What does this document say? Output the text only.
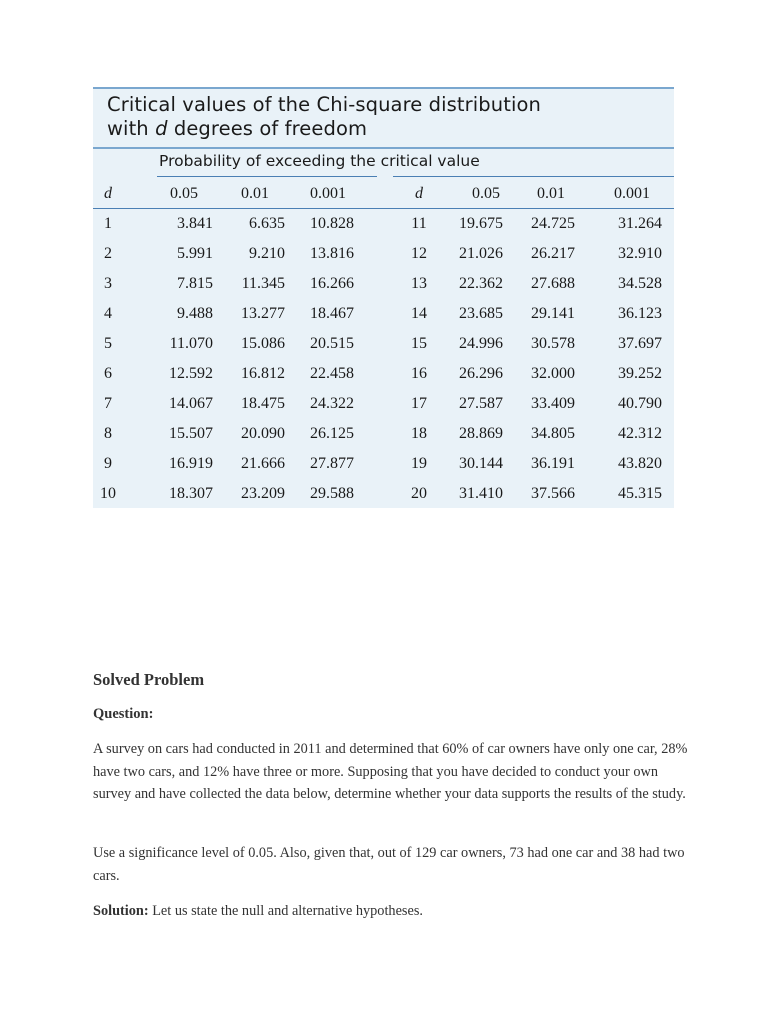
Critical values of the Chi-square distribution
with d degrees of freedom
Probability of exceeding the critical value
d	0.05	0.01	0.001	d	0.05 0.01	0.001
1	3.841 6.635 10.828	11 19.675 24.725	31.264
2	5.991 9.210 13.816	12 21.026 26.217	32.910
3	7.815 11.345 16.266	13 22.362 27.688	34.528
4	9.488 13.277 18.467	14 23.685 29.141	36.123
5	11.070 15.086 20.515	15 24.996 30.578	37.697
6	12.592 16.812 22.458	16 26.296 32.000	39.252
7	14.067 18.475 24.322	17 27.587 33.409	40.790
8	15.507 20.090 26.125	18 28.869 34.805	42.312
9	16.919 21.666 27.877	19 30.144 36.191	43.820
10	18.307 23.209 29.588	20 31.410 37.566	45.315
Solved Problem
Question:
A survey on cars had conducted in 2011 and determined that 60% of car owners have only one car, 28% have two cars, and 12% have three or more. Supposing that you have decided to conduct your own survey and have collected the data below, determine whether your data supports the results of the study.
Use a significance level of 0.05. Also, given that, out of 129 car owners, 73 had one car and 38 had two cars.
Solution: Let us state the null and alternative hypotheses.
